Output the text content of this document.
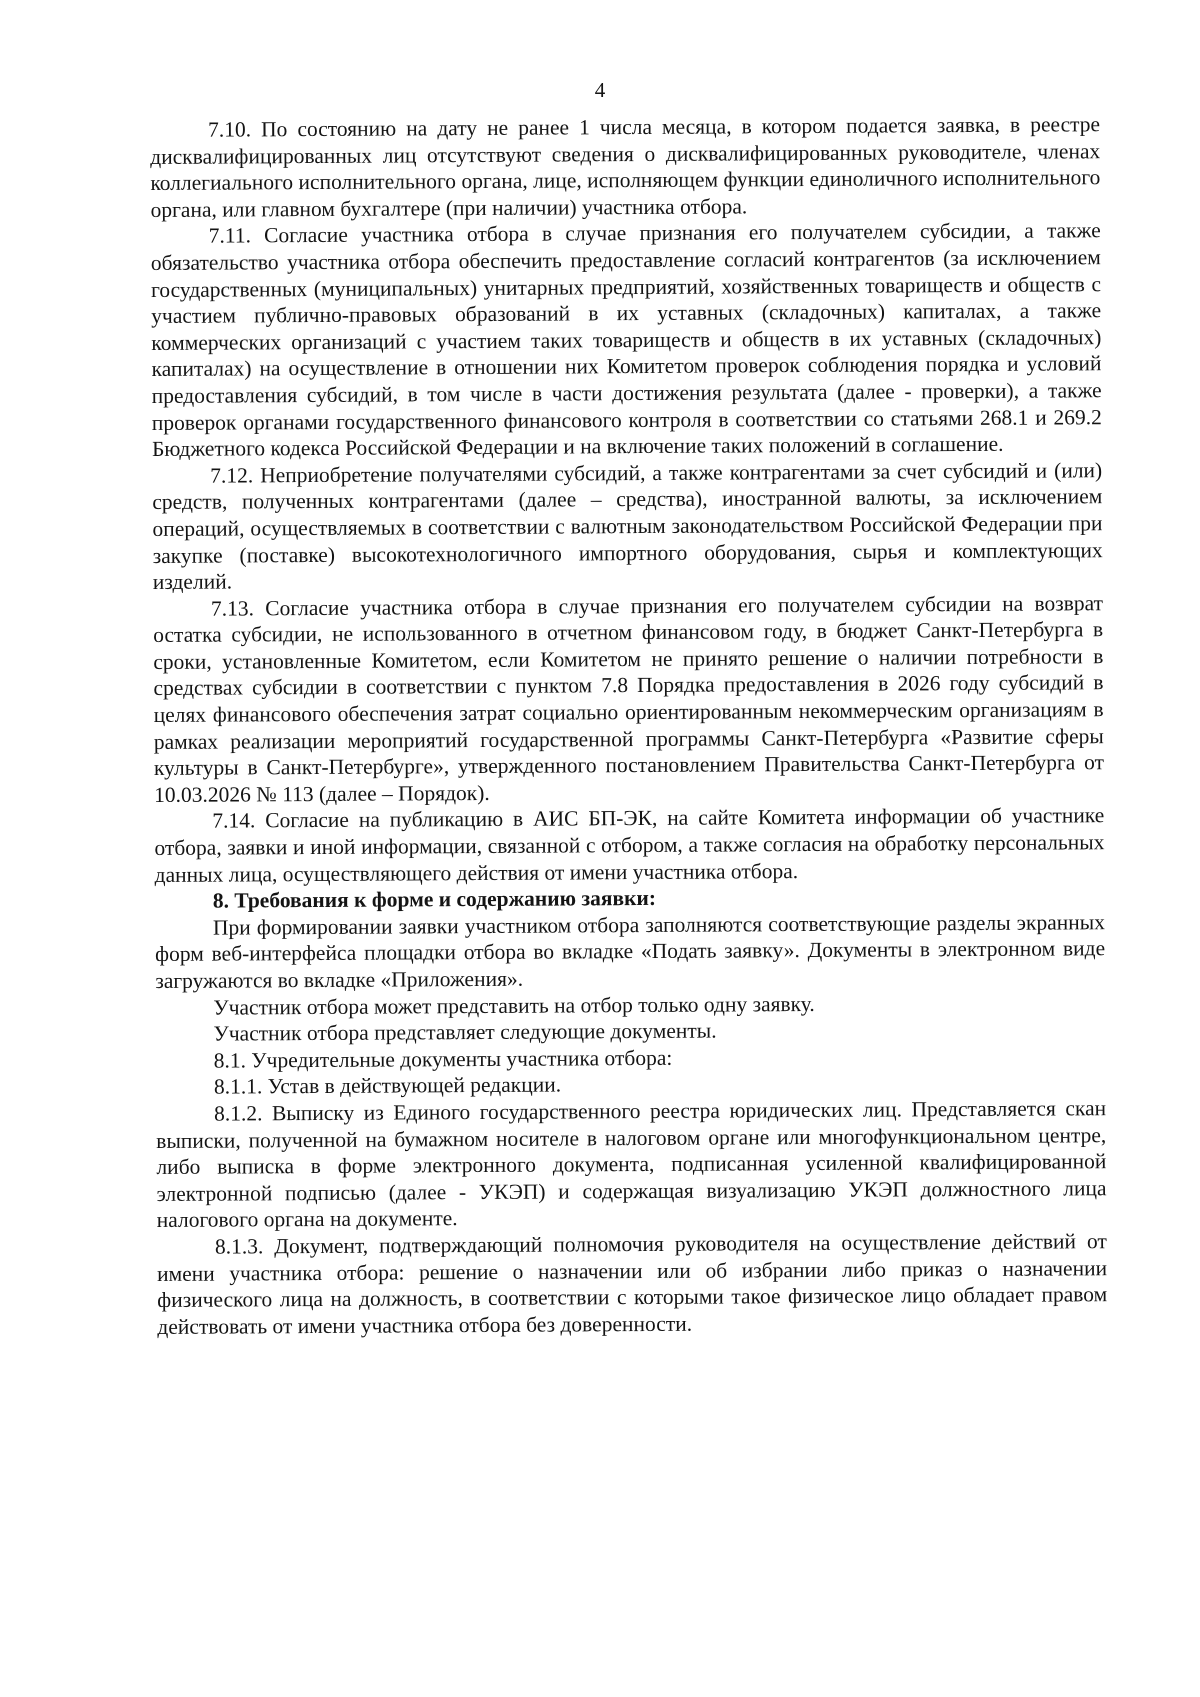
4

7.10. По состоянию на дату не ранее 1 числа месяца, в котором подается заявка, в реестре дисквалифицированных лиц отсутствуют сведения о дисквалифицированных руководителе, членах коллегиального исполнительного органа, лице, исполняющем функции единоличного исполнительного органа, или главном бухгалтере (при наличии) участника отбора.

7.11. Согласие участника отбора в случае признания его получателем субсидии, а также обязательство участника отбора обеспечить предоставление согласий контрагентов (за исключением государственных (муниципальных) унитарных предприятий, хозяйственных товариществ и обществ с участием публично-правовых образований в их уставных (складочных) капиталах, а также коммерческих организаций с участием таких товариществ и обществ в их уставных (складочных) капиталах) на осуществление в отношении них Комитетом проверок соблюдения порядка и условий предоставления субсидий, в том числе в части достижения результата (далее - проверки), а также проверок органами государственного финансового контроля в соответствии со статьями 268.1 и 269.2 Бюджетного кодекса Российской Федерации и на включение таких положений в соглашение.

7.12. Неприобретение получателями субсидий, а также контрагентами за счет субсидий и (или) средств, полученных контрагентами (далее – средства), иностранной валюты, за исключением операций, осуществляемых в соответствии с валютным законодательством Российской Федерации при закупке (поставке) высокотехнологичного импортного оборудования, сырья и комплектующих изделий.

7.13. Согласие участника отбора в случае признания его получателем субсидии на возврат остатка субсидии, не использованного в отчетном финансовом году, в бюджет Санкт-Петербурга в сроки, установленные Комитетом, если Комитетом не принято решение о наличии потребности в средствах субсидии в соответствии с пунктом 7.8 Порядка предоставления в 2026 году субсидий в целях финансового обеспечения затрат социально ориентированным некоммерческим организациям в рамках реализации мероприятий государственной программы Санкт-Петербурга «Развитие сферы культуры в Санкт-Петербурге», утвержденного постановлением Правительства Санкт-Петербурга от 10.03.2026 № 113 (далее – Порядок).

7.14. Согласие на публикацию в АИС БП-ЭК, на сайте Комитета информации об участнике отбора, заявки и иной информации, связанной с отбором, а также согласия на обработку персональных данных лица, осуществляющего действия от имени участника отбора.

8. Требования к форме и содержанию заявки:

При формировании заявки участником отбора заполняются соответствующие разделы экранных форм веб-интерфейса площадки отбора во вкладке «Подать заявку». Документы в электронном виде загружаются во вкладке «Приложения».

Участник отбора может представить на отбор только одну заявку.

Участник отбора представляет следующие документы.

8.1. Учредительные документы участника отбора:

8.1.1. Устав в действующей редакции.

8.1.2. Выписку из Единого государственного реестра юридических лиц. Представляется скан выписки, полученной на бумажном носителе в налоговом органе или многофункциональном центре, либо выписка в форме электронного документа, подписанная усиленной квалифицированной электронной подписью (далее - УКЭП) и содержащая визуализацию УКЭП должностного лица налогового органа на документе.

8.1.3. Документ, подтверждающий полномочия руководителя на осуществление действий от имени участника отбора: решение о назначении или об избрании либо приказ о назначении физического лица на должность, в соответствии с которыми такое физическое лицо обладает правом действовать от имени участника отбора без доверенности.
